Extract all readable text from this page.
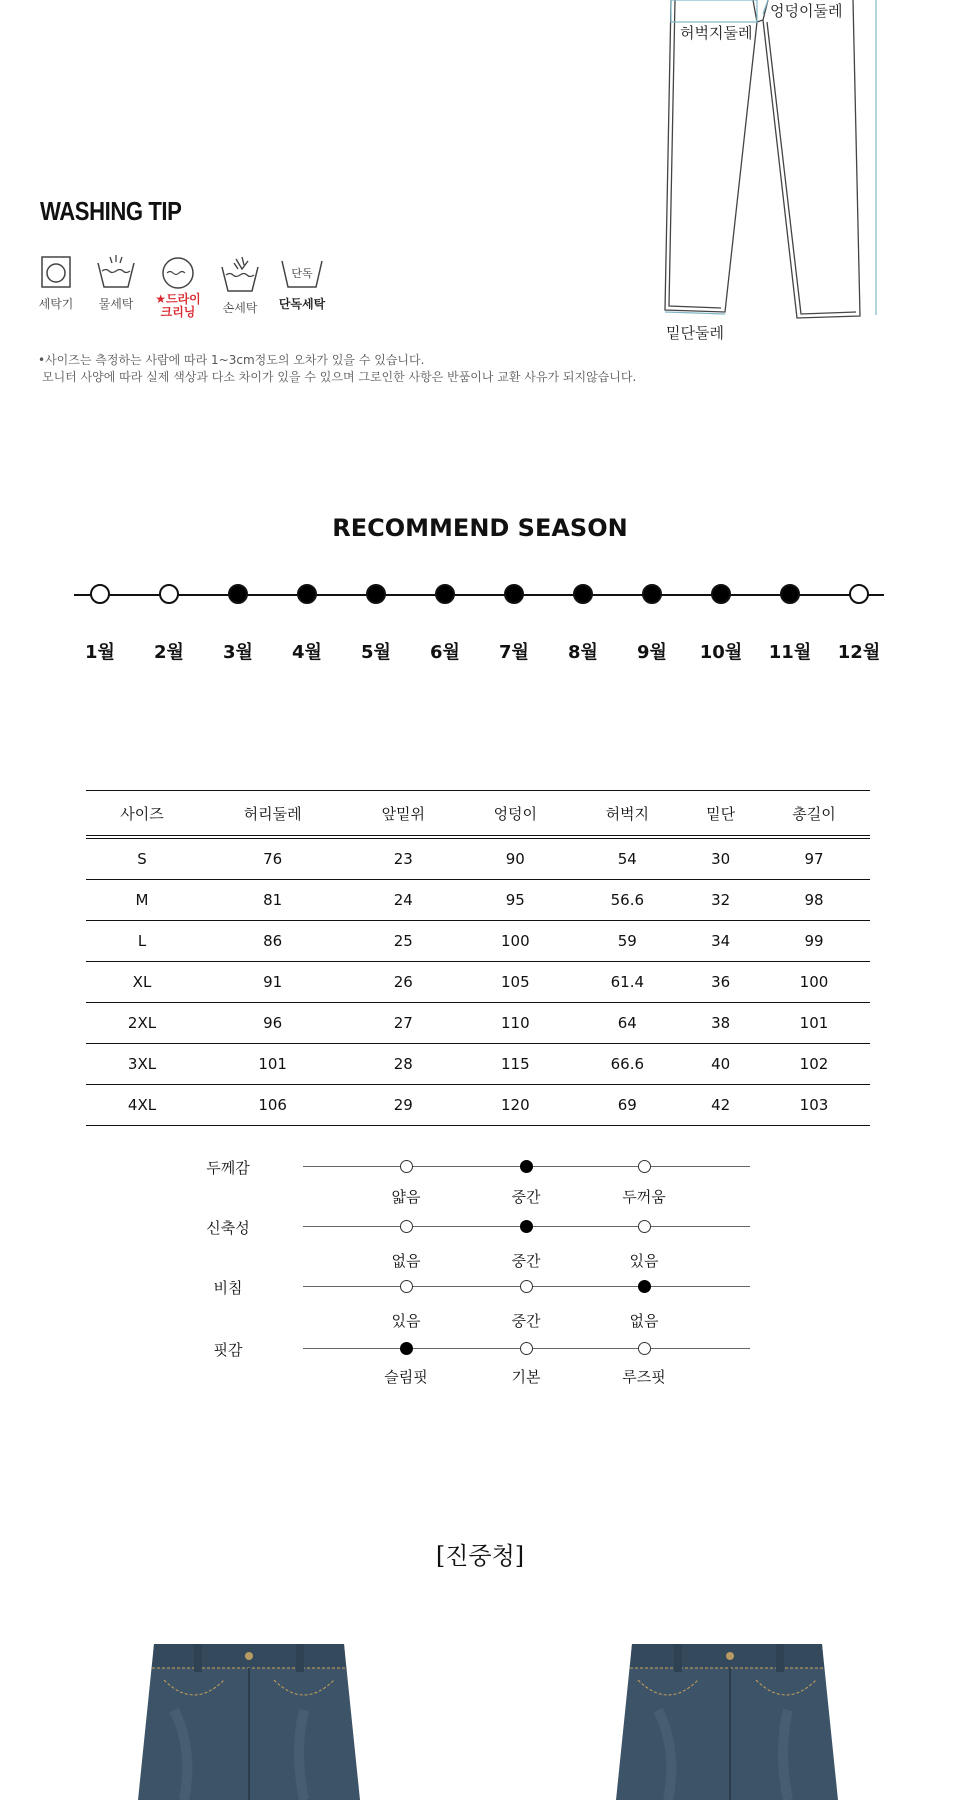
엉덩이둘레
허벅지둘레
밑단둘레
WASHING TIP
세탁기	물세탁	★드라이
크리닝	손세탁
단독
단독세탁
•사이즈는 측정하는 사람에 따라 1~3cm정도의 오차가 있을 수 있습니다.
모니터 사양에 따라 실제 색상과 다소 차이가 있을 수 있으며 그로인한 사항은 반품이나 교환 사유가 되지않습니다.
RECOMMEND SEASON
1월	2월	3월	4월	5월	6월	7월	8월	9월	10월	11월	12월
사이즈	허리둘레	앞밑위	엉덩이	허벅지	밑단	총길이
S	76	23	90	54	30	97
M	81	24	95	56.6	32	98
L	86	25	100	59	34	99
XL	91	26	105	61.4	36	100
2XL	96	27	110	64	38	101
3XL	101	28	115	66.6	40	102
4XL	106	29	120	69	42	103
두께감
얇음	중간	두꺼움
신축성
없음	중간	있음
비침
있음	중간	없음
핏감
슬림핏	기본	루즈핏
[진중청]
